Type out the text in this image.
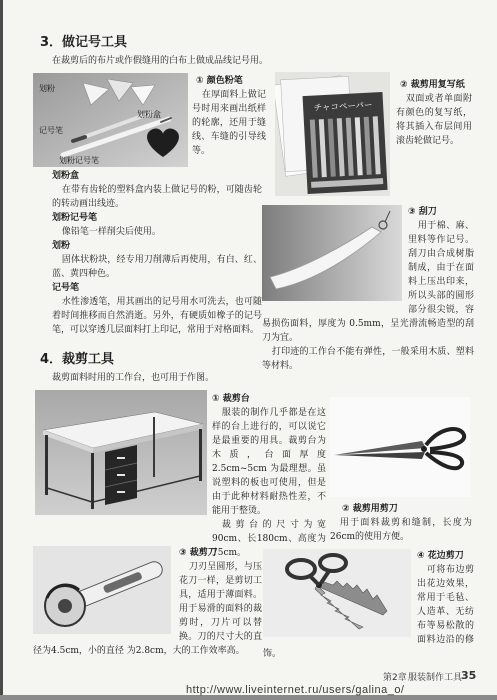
3．做记号工具
在裁剪后的布片或作假缝用的白布上做成品线记号用。
划粉
划粉盒
记号笔
划粉记号笔
① 颜色粉笔

在厚面料上做记号时用来画出纸样的轮廓，还用于缝线、车缝的引导线等。

チャコペーパー
② 裁剪用复写纸

双面或者单面附有颜色的复写纸，将其插入布层间用滚齿轮做记号。

划粉盒

在带有齿轮的塑料盒内装上做记号的粉，可随齿轮的转动画出线迹。

划粉记号笔

像铅笔一样削尖后使用。

划粉

固体状粉块，经专用刀削薄后再使用，有白、红、蓝、黄四种色。

记号笔

水性渗透笔，用其画出的记号用水可洗去，也可随着时间推移而自然消逝。另外，有硬质如橡子的记号笔，可以穿透几层面料打上印记，常用于对格面料。

③ 刮刀

用于棉、麻、里料等作记号。刮刀由合成树脂制成，由于在面料上压出印来，所以头部的圆形部分很尖锐，容易损伤面料，厚度为 0.5mm，呈光滑流畅造型的刮刀为宜。

打印迹的工作台不能有弹性，一般采用木质、塑料等材料。

4．裁剪工具
裁剪面料时用的工作台，也可用于作图。
① 裁剪台

服装的制作几乎都是在这样的台上进行的，可以说它是最重要的用具。裁剪台为木质，台面厚度 2.5cm~5cm 为最理想。虽说塑料的板也可使用，但是由于此种材料耐热性差，不能用于整烫。

裁剪台的尺寸为宽90cm、长180cm、高度为75cm。

② 裁剪用剪刀

用于面料裁剪和缝制，长度为26cm的使用方便。

③ 裁剪刀

刀刃呈圆形，与压花刀一样，是剪切工具，适用于薄面料。用于易滑的面料的裁剪时，刀片可以替换。刀的尺寸大的直径为4.5cm，小的直径 为2.8cm，大的工作效率高。

④ 花边剪刀

可将布边剪出花边效果，常用于毛毡、人造革、无纺布等易松散的面料边沿的修饰。

第2章 服装制作工具
35
http://www.liveinternet.ru/users/galina_o/
